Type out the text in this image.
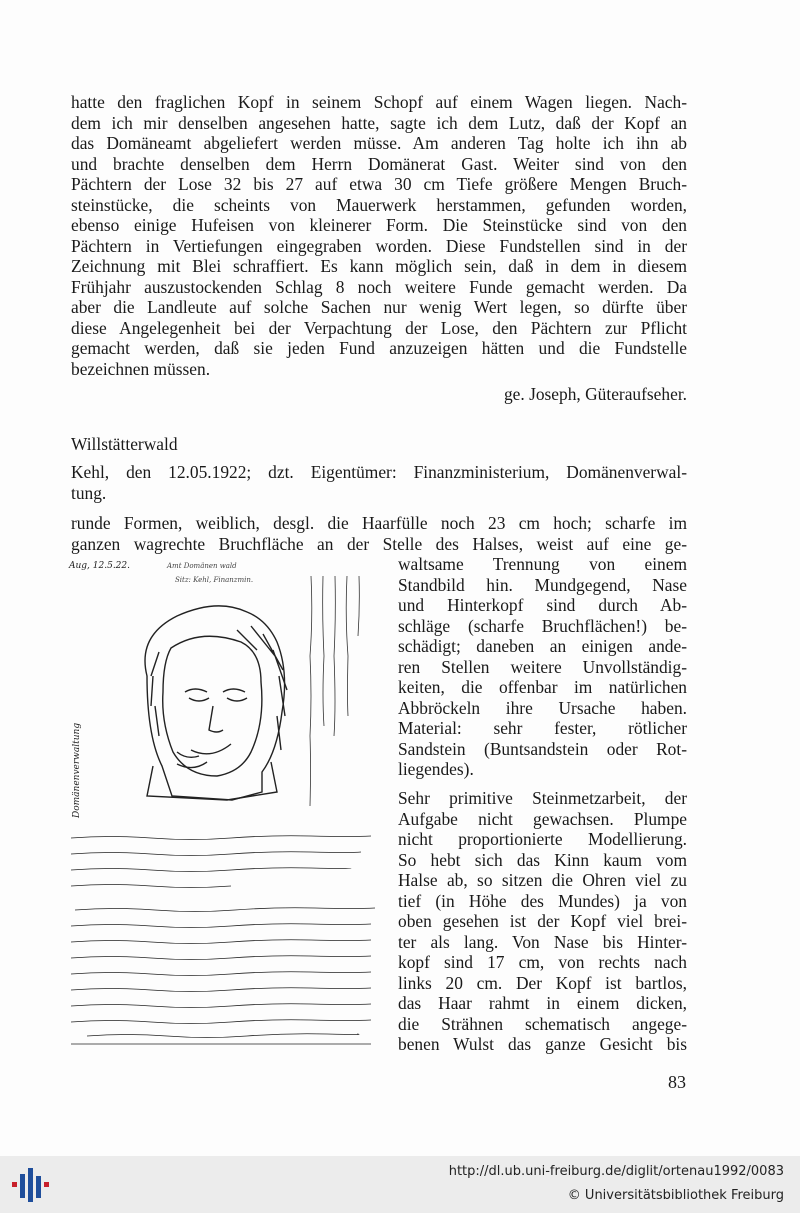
hatte den fraglichen Kopf in seinem Schopf auf einem Wagen liegen. Nach-
dem ich mir denselben angesehen hatte, sagte ich dem Lutz, daß der Kopf an
das Domäneamt abgeliefert werden müsse. Am anderen Tag holte ich ihn ab
und brachte denselben dem Herrn Domänerat Gast. Weiter sind von den
Pächtern der Lose 32 bis 27 auf etwa 30 cm Tiefe größere Mengen Bruch-
steinstücke, die scheints von Mauerwerk herstammen, gefunden worden,
ebenso einige Hufeisen von kleinerer Form. Die Steinstücke sind von den
Pächtern in Vertiefungen eingegraben worden. Diese Fundstellen sind in der
Zeichnung mit Blei schraffiert. Es kann möglich sein, daß in dem in diesem
Frühjahr auszustockenden Schlag 8 noch weitere Funde gemacht werden. Da
aber die Landleute auf solche Sachen nur wenig Wert legen, so dürfte über
diese Angelegenheit bei der Verpachtung der Lose, den Pächtern zur Pflicht
gemacht werden, daß sie jeden Fund anzuzeigen hätten und die Fundstelle
bezeichnen müssen.
ge. Joseph, Güteraufseher.
Willstätterwald
Kehl, den 12.05.1922; dzt. Eigentümer: Finanzministerium, Domänenverwal-
tung.
runde Formen, weiblich, desgl. die Haarfülle noch 23 cm hoch; scharfe im
ganzen wagrechte Bruchfläche an der Stelle des Halses, weist auf eine ge-
waltsame Trennung von einem
Standbild hin. Mundgegend, Nase
und Hinterkopf sind durch Ab-
schläge (scharfe Bruchflächen!) be-
schädigt; daneben an einigen ande-
ren Stellen weitere Unvollständig-
keiten, die offenbar im natürlichen
Abbröckeln ihre Ursache haben.
Material: sehr fester, rötlicher
Sandstein (Buntsandstein oder Rot-
liegendes).
Sehr primitive Steinmetzarbeit, der
Aufgabe nicht gewachsen. Plumpe
nicht proportionierte Modellierung.
So hebt sich das Kinn kaum vom
Halse ab, so sitzen die Ohren viel zu
tief (in Höhe des Mundes) ja von
oben gesehen ist der Kopf viel brei-
ter als lang. Von Nase bis Hinter-
kopf sind 17 cm, von rechts nach
links 20 cm. Der Kopf ist bartlos,
das Haar rahmt in einem dicken,
die Strähnen schematisch angege-
benen Wulst das ganze Gesicht bis
Aug, 12.5.22.	Amt Domänen wald
Sitz: Kehl, Finanzmin.
Domänenverwaltung
83
http://dl.ub.uni-freiburg.de/diglit/ortenau1992/0083
© Universitätsbibliothek Freiburg
